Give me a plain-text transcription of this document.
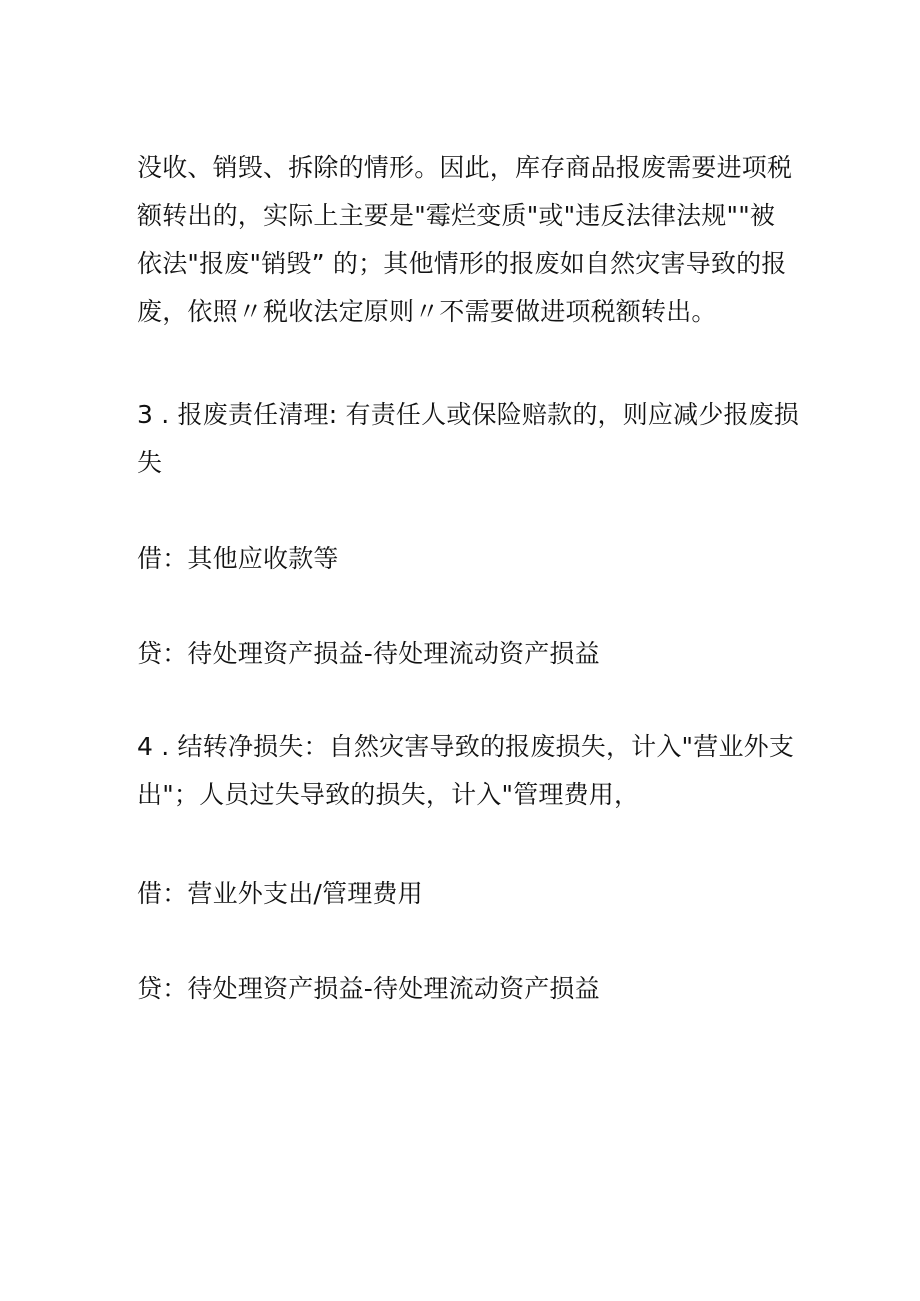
没收、销毁、拆除的情形。因此，库存商品报废需要进项税
额转出的，实际上主要是"霉烂变质"或"违反法律法规""被
依法"报废"销毁” 的；其他情形的报废如自然灾害导致的报
废，依照〃税收法定原则〃不需要做进项税额转出。
3 . 报废责任清理: 有责任人或保险赔款的，则应减少报废损
失
借：其他应收款等
贷：待处理资产损益-待处理流动资产损益
4 . 结转净损失：自然灾害导致的报废损失，计入"营业外支
出"；人员过失导致的损失，计入"管理费用，
借：营业外支出/管理费用
贷：待处理资产损益-待处理流动资产损益
